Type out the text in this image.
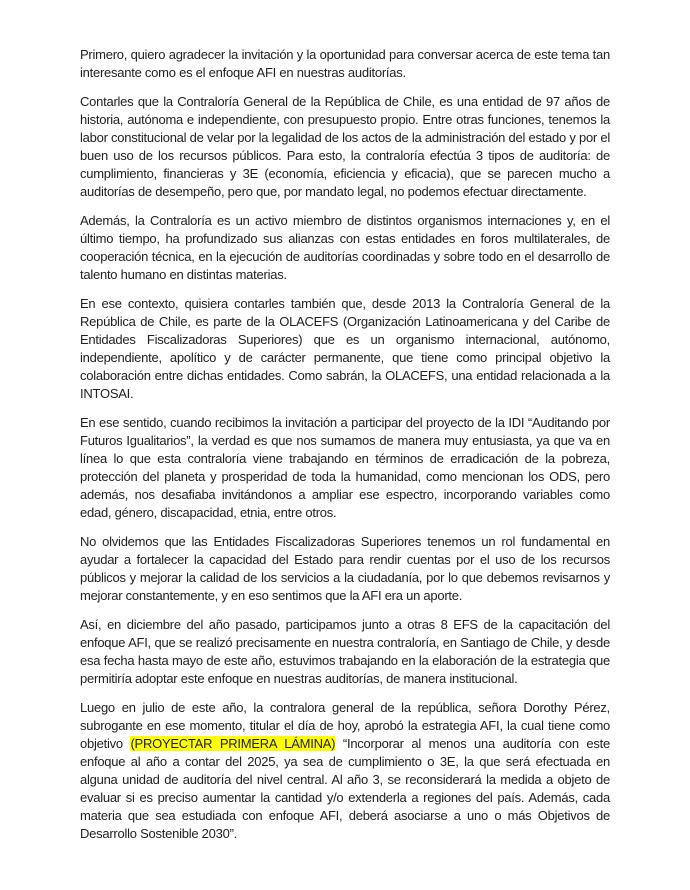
Primero, quiero agradecer la invitación y la oportunidad para conversar acerca de este tema tan interesante como es el enfoque AFI en nuestras auditorías.

Contarles que la Contraloría General de la República de Chile, es una entidad de 97 años de historia, autónoma e independiente, con presupuesto propio. Entre otras funciones, tenemos la labor constitucional de velar por la legalidad de los actos de la administración del estado y por el buen uso de los recursos públicos. Para esto, la contraloría efectúa 3 tipos de auditoría: de cumplimiento, financieras y 3E (economía, eficiencia y eficacia), que se parecen mucho a auditorías de desempeño, pero que, por mandato legal, no podemos efectuar directamente.

Además, la Contraloría es un activo miembro de distintos organismos internaciones y, en el último tiempo, ha profundizado sus alianzas con estas entidades en foros multilaterales, de cooperación técnica, en la ejecución de auditorías coordinadas y sobre todo en el desarrollo de talento humano en distintas materias.

En ese contexto, quisiera contarles también que, desde 2013 la Contraloría General de la República de Chile, es parte de la OLACEFS (Organización Latinoamericana y del Caribe de Entidades Fiscalizadoras Superiores) que es un organismo internacional, autónomo, independiente, apolítico y de carácter permanente, que tiene como principal objetivo la colaboración entre dichas entidades. Como sabrán, la OLACEFS, una entidad relacionada a la INTOSAI.

En ese sentido, cuando recibimos la invitación a participar del proyecto de la IDI “Auditando por Futuros Igualitarios”, la verdad es que nos sumamos de manera muy entusiasta, ya que va en línea lo que esta contraloría viene trabajando en términos de erradicación de la pobreza, protección del planeta y prosperidad de toda la humanidad, como mencionan los ODS, pero además, nos desafiaba invitándonos a ampliar ese espectro, incorporando variables como edad, género, discapacidad, etnia, entre otros.

No olvidemos que las Entidades Fiscalizadoras Superiores tenemos un rol fundamental en ayudar a fortalecer la capacidad del Estado para rendir cuentas por el uso de los recursos públicos y mejorar la calidad de los servicios a la ciudadanía, por lo que debemos revisarnos y mejorar constantemente, y en eso sentimos que la AFI era un aporte.

Así, en diciembre del año pasado, participamos junto a otras 8 EFS de la capacitación del enfoque AFI, que se realizó precisamente en nuestra contraloría, en Santiago de Chile, y desde esa fecha hasta mayo de este año, estuvimos trabajando en la elaboración de la estrategia que permitiría adoptar este enfoque en nuestras auditorías, de manera institucional.

Luego en julio de este año, la contralora general de la república, señora Dorothy Pérez, subrogante en ese momento, titular el día de hoy, aprobó la estrategia AFI, la cual tiene como objetivo (PROYECTAR PRIMERA LÁMINA) “Incorporar al menos una auditoría con este enfoque al año a contar del 2025, ya sea de cumplimiento o 3E, la que será efectuada en alguna unidad de auditoría del nivel central. Al año 3, se reconsiderará la medida a objeto de evaluar si es preciso aumentar la cantidad y/o extenderla a regiones del país. Además, cada materia que sea estudiada con enfoque AFI, deberá asociarse a uno o más Objetivos de Desarrollo Sostenible 2030”.
